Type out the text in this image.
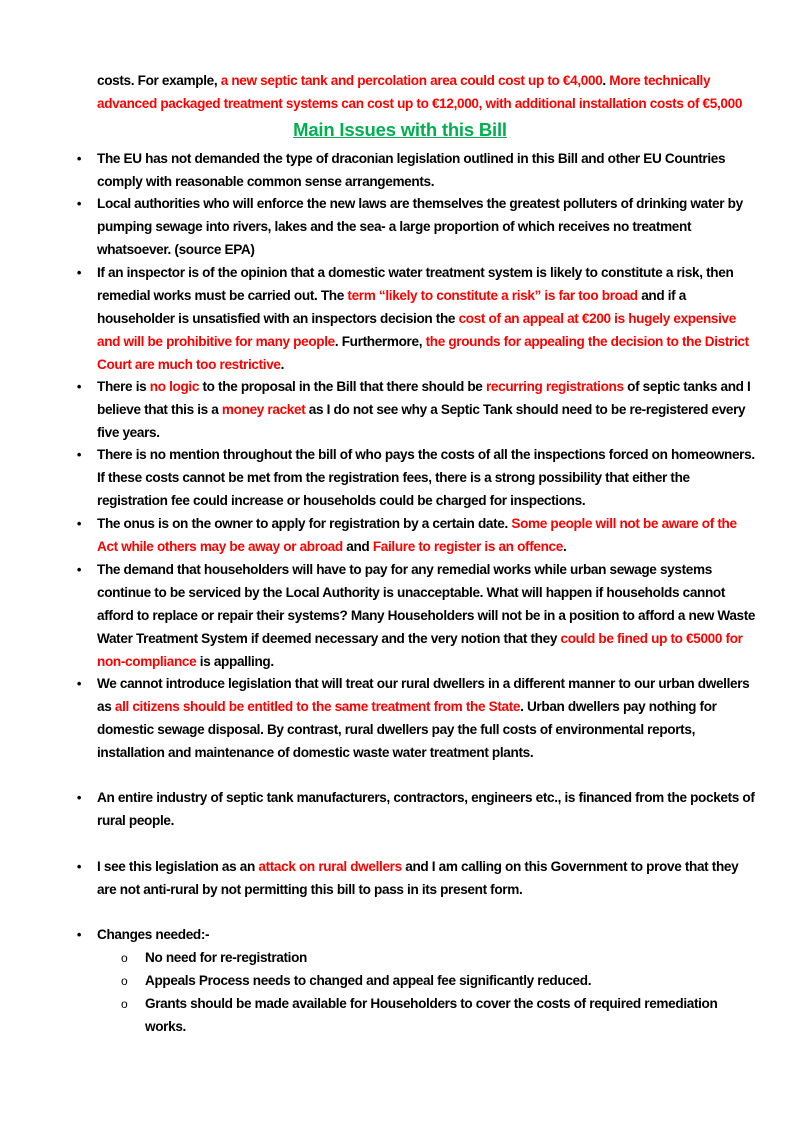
costs. For example, a new septic tank and percolation area could cost up to €4,000. More technically advanced packaged treatment systems can cost up to €12,000, with additional installation costs of €5,000
Main Issues with this Bill
• The EU has not demanded the type of draconian legislation outlined in this Bill and other EU Countries comply with reasonable common sense arrangements.
• Local authorities who will enforce the new laws are themselves the greatest polluters of drinking water by pumping sewage into rivers, lakes and the sea- a large proportion of which receives no treatment whatsoever. (source EPA)
• If an inspector is of the opinion that a domestic water treatment system is likely to constitute a risk, then remedial works must be carried out. The term “likely to constitute a risk” is far too broad and if a householder is unsatisfied with an inspectors decision the cost of an appeal at €200 is hugely expensive and will be prohibitive for many people. Furthermore, the grounds for appealing the decision to the District Court are much too restrictive.
• There is no logic to the proposal in the Bill that there should be recurring registrations of septic tanks and I believe that this is a money racket as I do not see why a Septic Tank should need to be re-registered every five years.
• There is no mention throughout the bill of who pays the costs of all the inspections forced on homeowners. If these costs cannot be met from the registration fees, there is a strong possibility that either the registration fee could increase or households could be charged for inspections.
• The onus is on the owner to apply for registration by a certain date. Some people will not be aware of the Act while others may be away or abroad and Failure to register is an offence.
• The demand that householders will have to pay for any remedial works while urban sewage systems continue to be serviced by the Local Authority is unacceptable. What will happen if households cannot afford to replace or repair their systems? Many Householders will not be in a position to afford a new Waste Water Treatment System if deemed necessary and the very notion that they could be fined up to €5000 for non-compliance is appalling.
• We cannot introduce legislation that will treat our rural dwellers in a different manner to our urban dwellers as all citizens should be entitled to the same treatment from the State. Urban dwellers pay nothing for domestic sewage disposal. By contrast, rural dwellers pay the full costs of environmental reports, installation and maintenance of domestic waste water treatment plants.
• An entire industry of septic tank manufacturers, contractors, engineers etc., is financed from the pockets of rural people.
• I see this legislation as an attack on rural dwellers and I am calling on this Government to prove that they are not anti-rural by not permitting this bill to pass in its present form.
• Changes needed:-
o No need for re-registration
o Appeals Process needs to changed and appeal fee significantly reduced.
o Grants should be made available for Householders to cover the costs of required remediation works.
